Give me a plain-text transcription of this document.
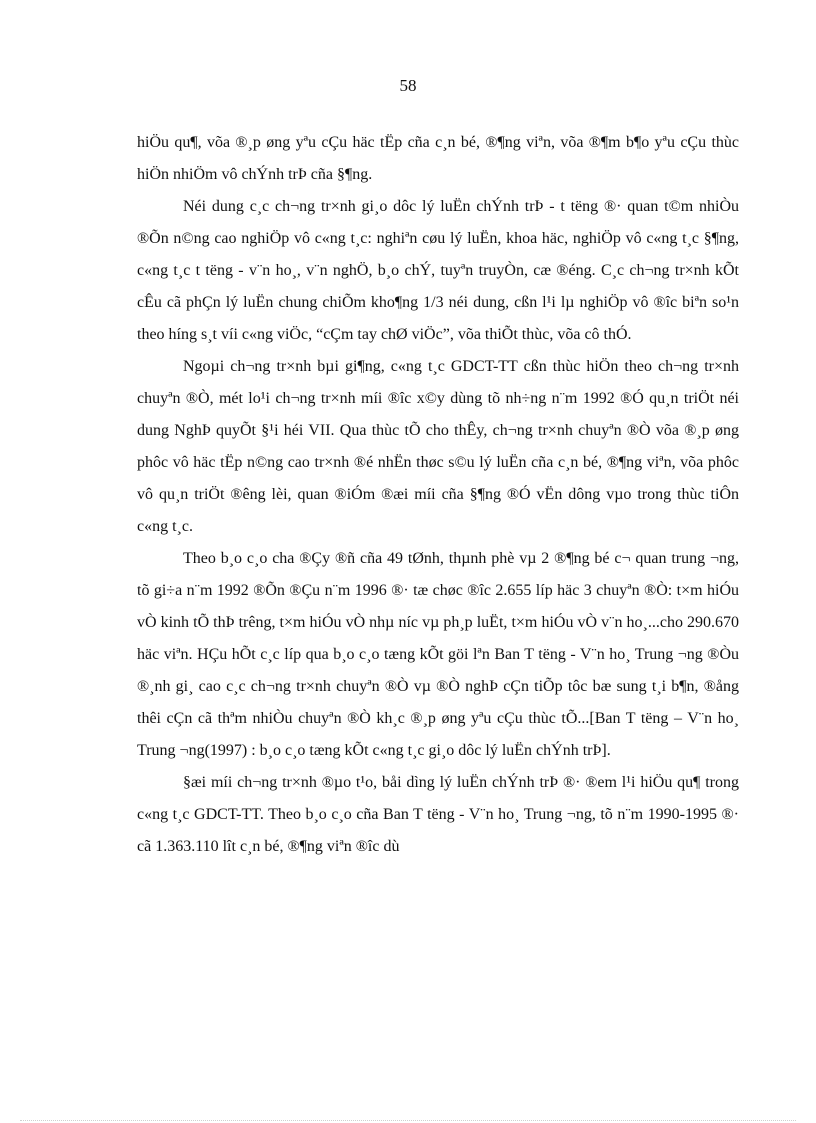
58

hiÖu qu¶, võa ®¸p øng yªu cÇu häc tËp cña c¸n bé, ®¶ng viªn, võa ®¶m b¶o yªu cÇu thùc hiÖn nhiÖm vô chÝnh trÞ cña §¶ng.

Néi dung c¸c ch¬ng tr×nh gi¸o dôc lý luËn chÝnh trÞ - t tëng ®· quan t©m nhiÒu ®Õn n©ng cao nghiÖp vô c«ng t¸c: nghiªn cøu lý luËn, khoa häc, nghiÖp vô c«ng t¸c §¶ng, c«ng t¸c t tëng - v¨n ho¸, v¨n nghÖ, b¸o chÝ, tuyªn truyÒn, cæ ®éng. C¸c ch¬ng tr×nh kÕt cÊu cã phÇn lý luËn chung chiÕm kho¶ng 1/3 néi dung, cßn l¹i lµ nghiÖp vô ®îc biªn so¹n theo híng s¸t víi c«ng viÖc, “cÇm tay chØ viÖc”, võa thiÕt thùc, võa cô thÓ.

Ngoµi ch¬ng tr×nh bµi gi¶ng, c«ng t¸c GDCT-TT cßn thùc hiÖn theo ch¬ng tr×nh chuyªn ®Ò, mét lo¹i ch¬ng tr×nh míi ®îc x©y dùng tõ nh÷ng n¨m 1992 ®Ó qu¸n triÖt néi dung NghÞ quyÕt §¹i héi VII. Qua thùc tÕ cho thÊy, ch¬ng tr×nh chuyªn ®Ò võa ®¸p øng phôc vô häc tËp n©ng cao tr×nh ®é nhËn thøc s©u lý luËn cña c¸n bé, ®¶ng viªn, võa phôc vô qu¸n triÖt ®êng lèi, quan ®iÓm ®æi míi cña §¶ng ®Ó vËn dông vµo trong thùc tiÔn c«ng t¸c.

Theo b¸o c¸o cha ®Çy ®ñ cña 49 tØnh, thµnh phè vµ 2 ®¶ng bé c¬ quan trung ¬ng, tõ gi÷a n¨m 1992 ®Õn ®Çu n¨m 1996 ®· tæ chøc ®îc 2.655 líp häc 3 chuyªn ®Ò: t×m hiÓu vÒ kinh tÕ thÞ trêng, t×m hiÓu vÒ nhµ níc vµ ph¸p luËt, t×m hiÓu vÒ v¨n ho¸...cho 290.670 häc viªn. HÇu hÕt c¸c líp qua b¸o c¸o tæng kÕt göi lªn Ban T tëng - V¨n ho¸ Trung ¬ng ®Òu ®¸nh gi¸ cao c¸c ch¬ng tr×nh chuyªn ®Ò vµ ®Ò nghÞ cÇn tiÕp tôc bæ sung t¸i b¶n, ®ång thêi cÇn cã thªm nhiÒu chuyªn ®Ò kh¸c ®¸p øng yªu cÇu thùc tÕ...[Ban T tëng – V¨n ho¸ Trung ¬ng(1997) : b¸o c¸o tæng kÕt c«ng t¸c gi¸o dôc lý luËn chÝnh trÞ].

§æi míi ch¬ng tr×nh ®µo t¹o, båi dìng lý luËn chÝnh trÞ ®· ®em l¹i hiÖu qu¶ trong c«ng t¸c GDCT-TT. Theo b¸o c¸o cña Ban T tëng - V¨n ho¸ Trung ¬ng, tõ n¨m 1990-1995 ®· cã 1.363.110 lît c¸n bé, ®¶ng viªn ®îc dù
